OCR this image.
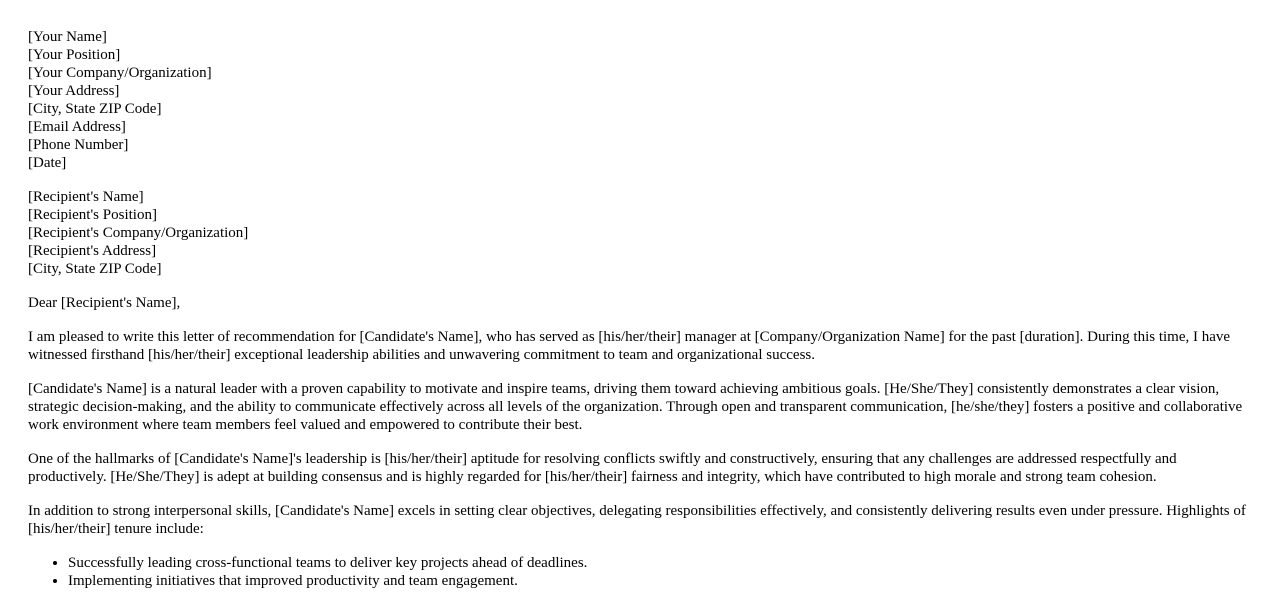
[Your Name]
[Your Position]
[Your Company/Organization]
[Your Address]
[City, State ZIP Code]
[Email Address]
[Phone Number]
[Date]
[Recipient's Name]
[Recipient's Position]
[Recipient's Company/Organization]
[Recipient's Address]
[City, State ZIP Code]

Dear [Recipient's Name],

I am pleased to write this letter of recommendation for [Candidate's Name], who has served as [his/her/their] manager at [Company/Organization Name] for the past [duration]. During this time, I have witnessed firsthand [his/her/their] exceptional leadership abilities and unwavering commitment to team and organizational success.

[Candidate's Name] is a natural leader with a proven capability to motivate and inspire teams, driving them toward achieving ambitious goals. [He/She/They] consistently demonstrates a clear vision, strategic decision-making, and the ability to communicate effectively across all levels of the organization. Through open and transparent communication, [he/she/they] fosters a positive and collaborative work environment where team members feel valued and empowered to contribute their best.

One of the hallmarks of [Candidate's Name]'s leadership is [his/her/their] aptitude for resolving conflicts swiftly and constructively, ensuring that any challenges are addressed respectfully and productively. [He/She/They] is adept at building consensus and is highly regarded for [his/her/their] fairness and integrity, which have contributed to high morale and strong team cohesion.

In addition to strong interpersonal skills, [Candidate's Name] excels in setting clear objectives, delegating responsibilities effectively, and consistently delivering results even under pressure. Highlights of [his/her/their] tenure include:

• Successfully leading cross-functional teams to deliver key projects ahead of deadlines.
• Implementing initiatives that improved productivity and team engagement.
